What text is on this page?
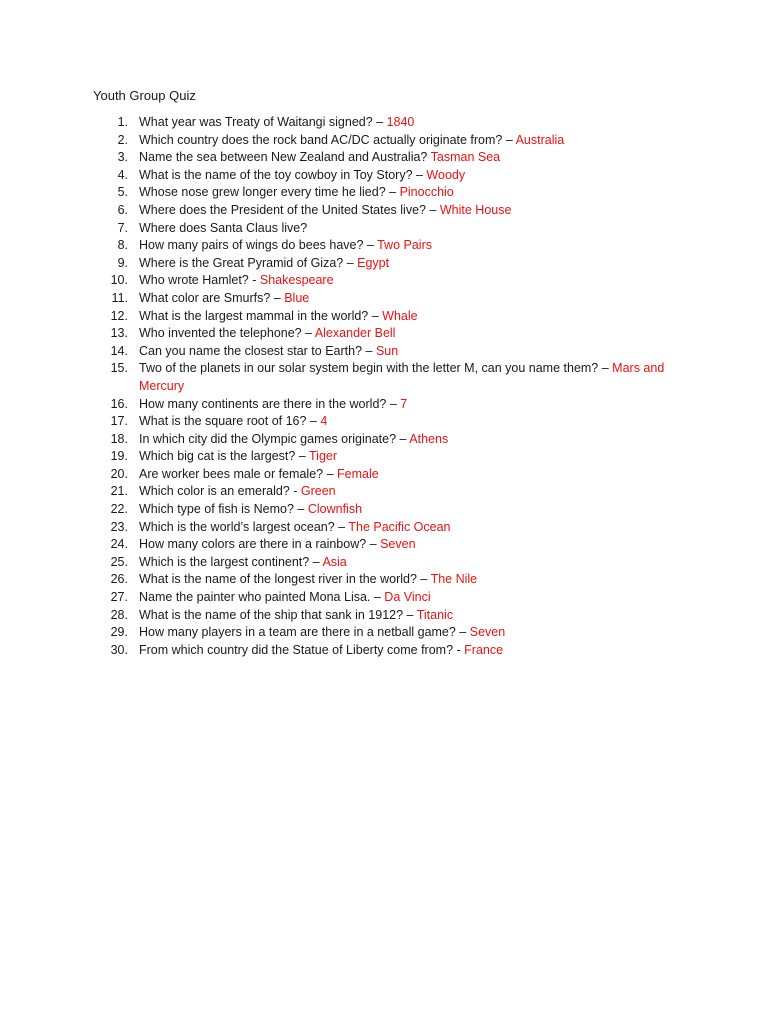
Youth Group Quiz
1. What year was Treaty of Waitangi signed? – 1840
2. Which country does the rock band AC/DC actually originate from? – Australia
3. Name the sea between New Zealand and Australia? Tasman Sea
4. What is the name of the toy cowboy in Toy Story? – Woody
5. Whose nose grew longer every time he lied? – Pinocchio
6. Where does the President of the United States live? – White House
7. Where does Santa Claus live?
8. How many pairs of wings do bees have? – Two Pairs
9. Where is the Great Pyramid of Giza? – Egypt
10. Who wrote Hamlet? - Shakespeare
11. What color are Smurfs? – Blue
12. What is the largest mammal in the world? – Whale
13. Who invented the telephone? – Alexander Bell
14. Can you name the closest star to Earth? – Sun
15. Two of the planets in our solar system begin with the letter M, can you name them? – Mars and Mercury
16. How many continents are there in the world? – 7
17. What is the square root of 16? – 4
18. In which city did the Olympic games originate? – Athens
19. Which big cat is the largest? – Tiger
20. Are worker bees male or female? – Female
21. Which color is an emerald? - Green
22. Which type of fish is Nemo? – Clownfish
23. Which is the world’s largest ocean? – The Pacific Ocean
24. How many colors are there in a rainbow? – Seven
25. Which is the largest continent? – Asia
26. What is the name of the longest river in the world? – The Nile
27. Name the painter who painted Mona Lisa. – Da Vinci
28. What is the name of the ship that sank in 1912? – Titanic
29. How many players in a team are there in a netball game? – Seven
30. From which country did the Statue of Liberty come from? - France
